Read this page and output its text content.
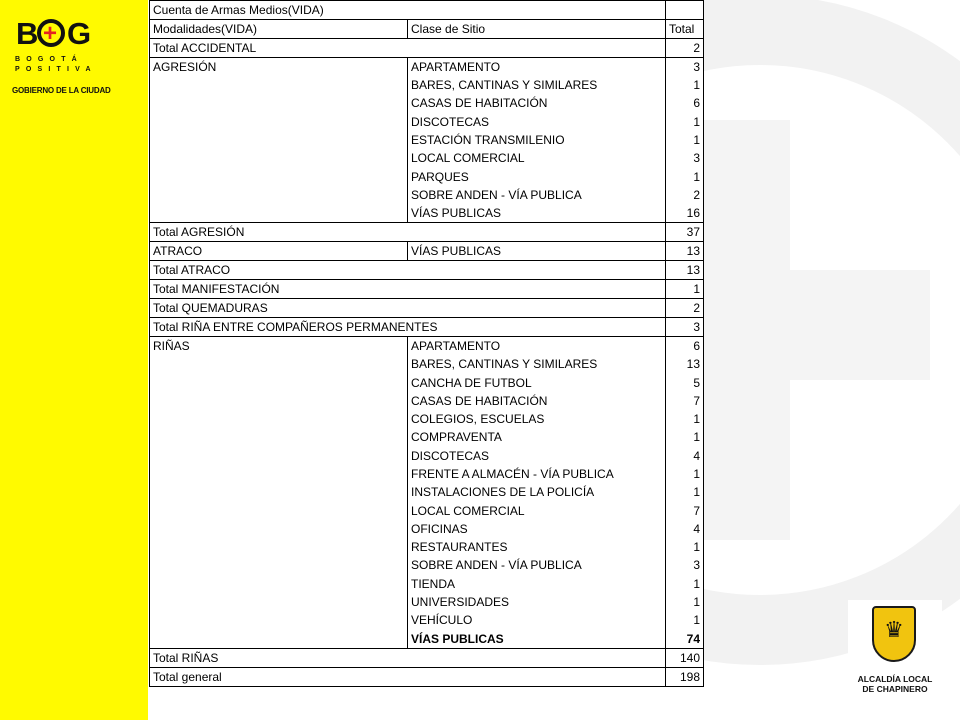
B + G
BOGOTÁ
POSITIVA
GOBIERNO DE LA CIUDAD
Cuenta de Armas Medios(VIDA)		
Modalidades(VIDA)	Clase de Sitio	Total
Total ACCIDENTAL		2
AGRESIÓN	APARTAMENTO	3
	BARES, CANTINAS Y SIMILARES	1
	CASAS DE HABITACIÓN	6
	DISCOTECAS	1
	ESTACIÓN TRANSMILENIO	1
	LOCAL COMERCIAL	3
	PARQUES	1
	SOBRE ANDEN - VÍA PUBLICA	2
	VÍAS PUBLICAS	16
Total AGRESIÓN		37
ATRACO	VÍAS PUBLICAS	13
Total ATRACO		13
Total MANIFESTACIÓN		1
Total QUEMADURAS		2
Total RIÑA ENTRE COMPAÑEROS PERMANENTES		3
RIÑAS	APARTAMENTO	6
	BARES, CANTINAS Y SIMILARES	13
	CANCHA DE FUTBOL	5
	CASAS DE HABITACIÓN	7
	COLEGIOS, ESCUELAS	1
	COMPRAVENTA	1
	DISCOTECAS	4
	FRENTE A ALMACÉN - VÍA PUBLICA	1
	INSTALACIONES DE LA POLICÍA	1
	LOCAL COMERCIAL	7
	OFICINAS	4
	RESTAURANTES	1
	SOBRE ANDEN - VÍA PUBLICA	3
	TIENDA	1
	UNIVERSIDADES	1
	VEHÍCULO	1
	VÍAS PUBLICAS	74
Total RIÑAS		140
Total general		198
♛
ALCALDÍA LOCAL
DE CHAPINERO
